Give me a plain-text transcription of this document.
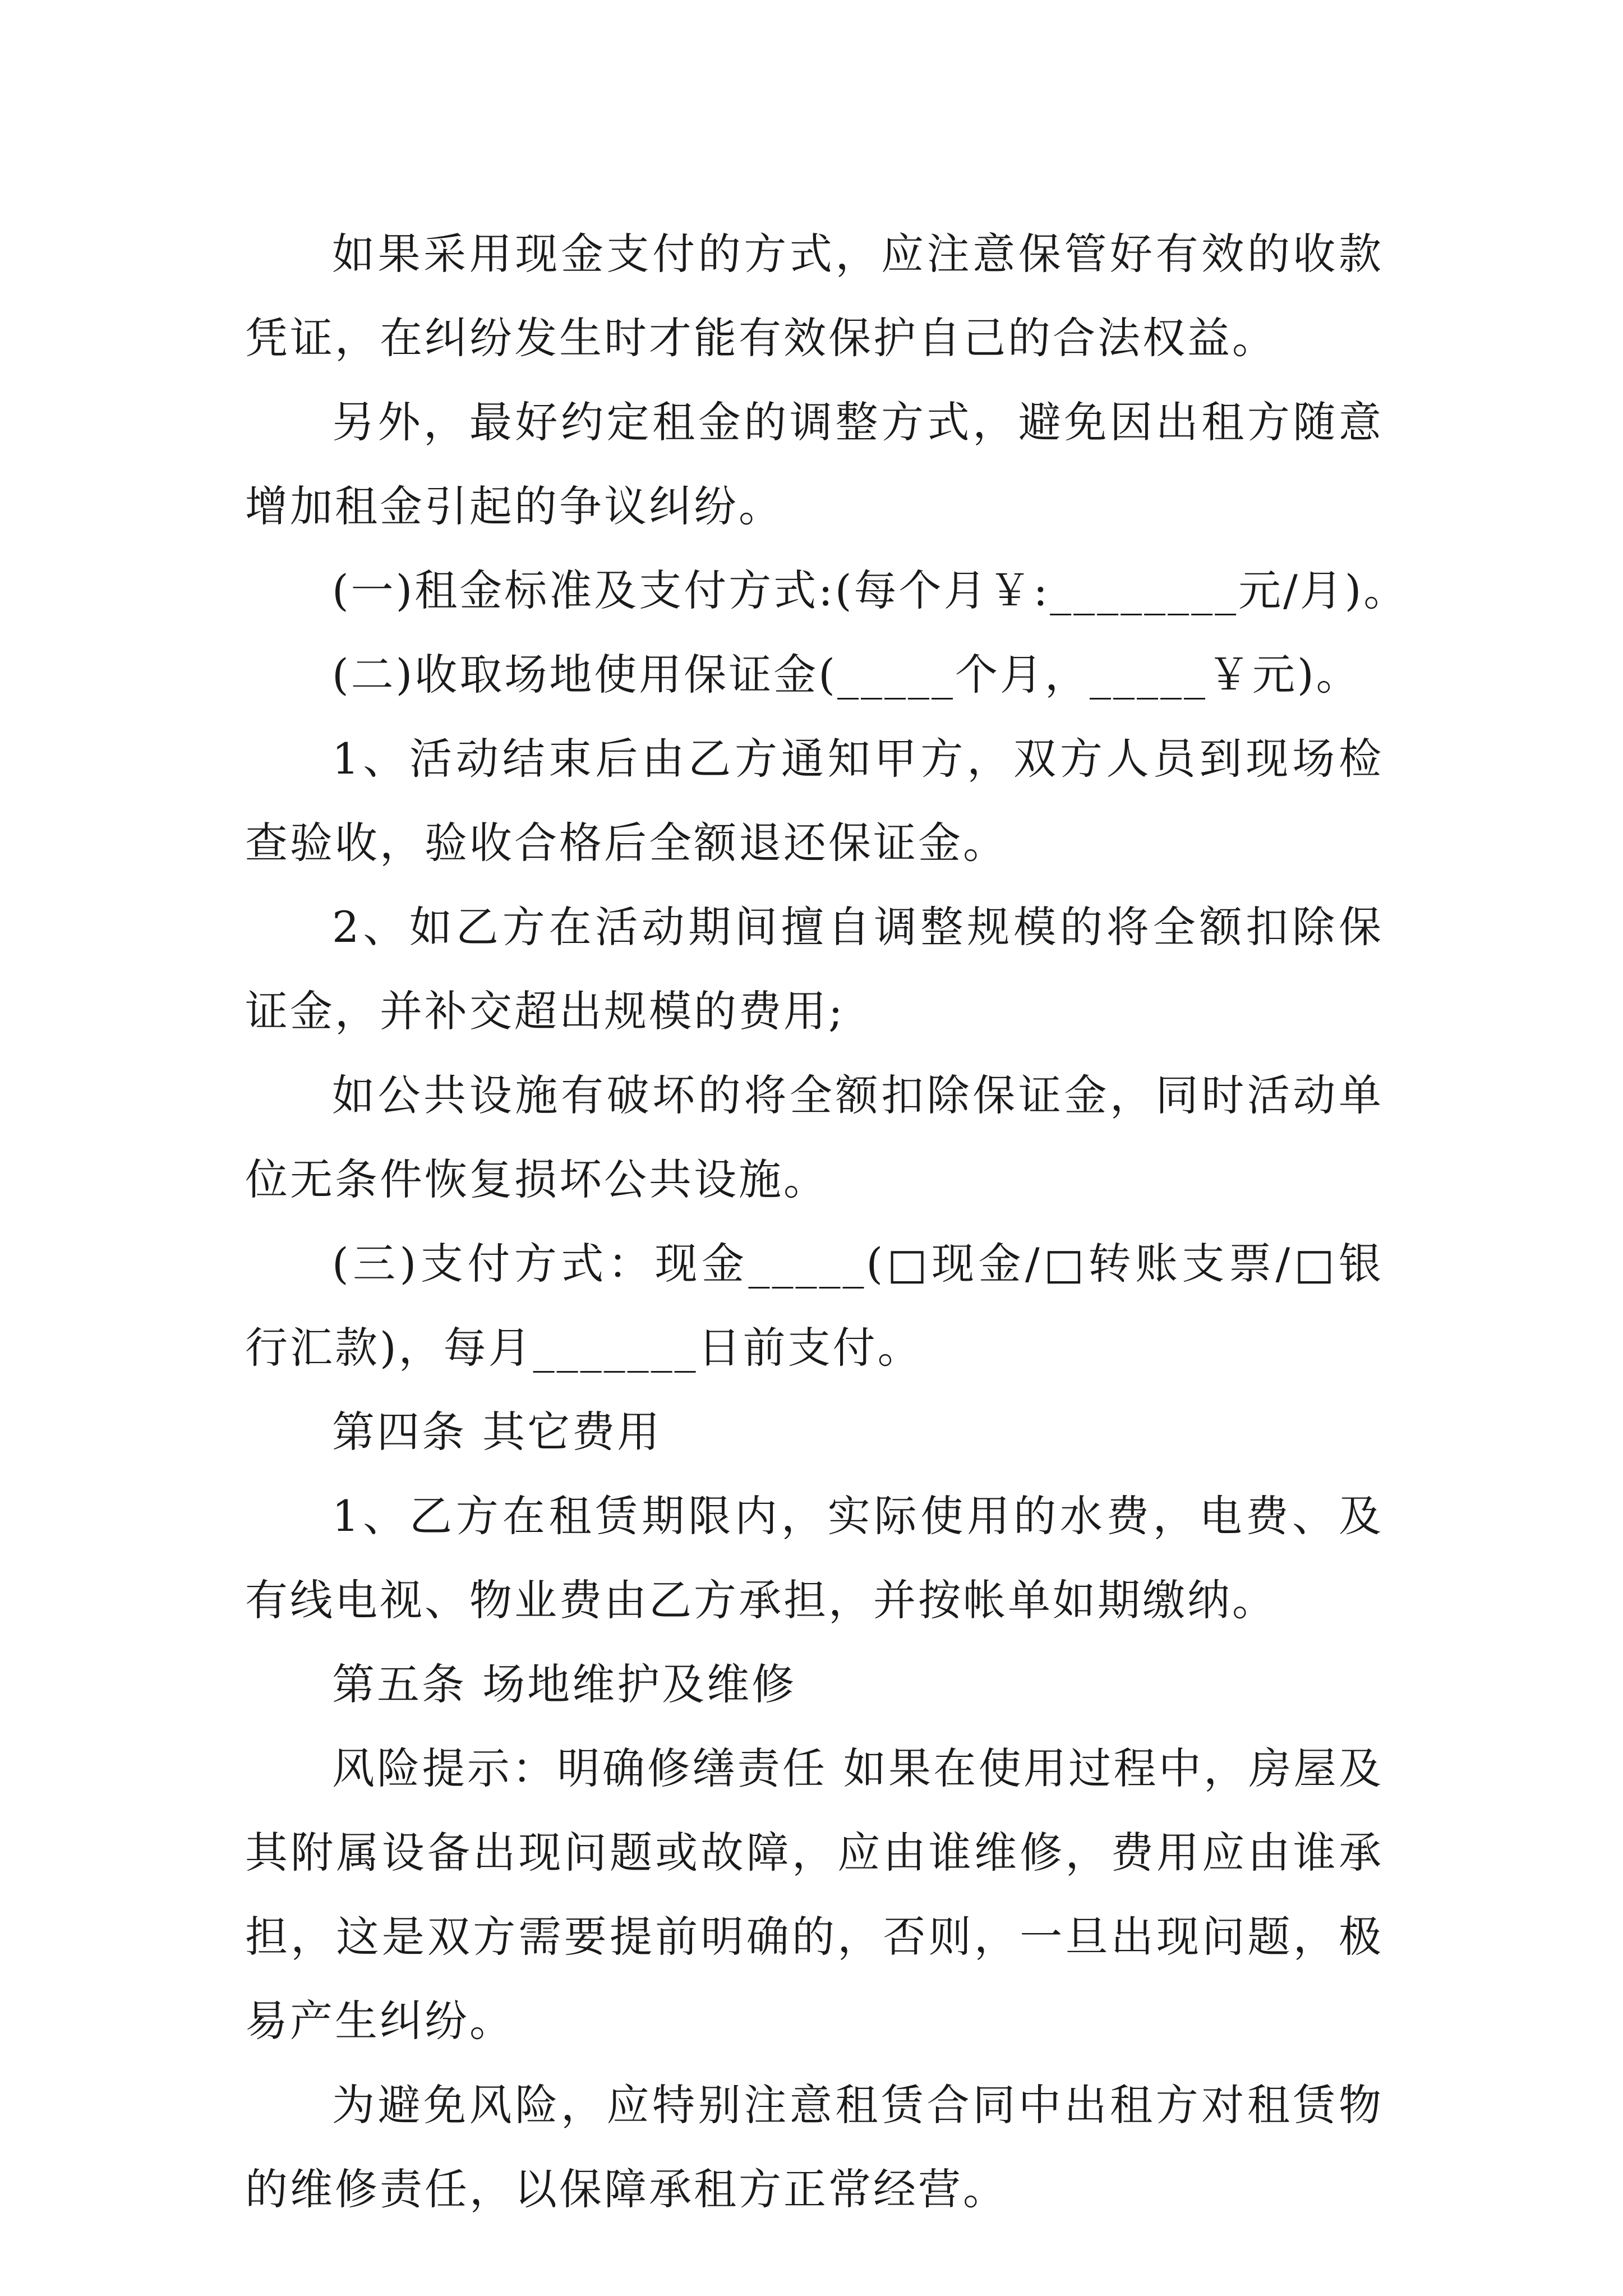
如果采用现金支付的方式，应注意保管好有效的收款凭证，在纠纷发生时才能有效保护自己的合法权益。

另外，最好约定租金的调整方式，避免因出租方随意增加租金引起的争议纠纷。

(一)租金标准及支付方式:(每个月￥:________元/月)。

(二)收取场地使用保证金(_____个月，_____￥元)。

1、活动结束后由乙方通知甲方，双方人员到现场检查验收，验收合格后全额退还保证金。

2、如乙方在活动期间擅自调整规模的将全额扣除保证金，并补交超出规模的费用;

如公共设施有破坏的将全额扣除保证金，同时活动单位无条件恢复损坏公共设施。

(三)支付方式：现金_____(□现金/□转账支票/□银行汇款)，每月_______日前支付。

第四条 其它费用

1、乙方在租赁期限内，实际使用的水费，电费、及有线电视、物业费由乙方承担，并按帐单如期缴纳。

第五条 场地维护及维修

风险提示：明确修缮责任 如果在使用过程中，房屋及其附属设备出现问题或故障，应由谁维修，费用应由谁承担，这是双方需要提前明确的，否则，一旦出现问题，极易产生纠纷。

为避免风险，应特别注意租赁合同中出租方对租赁物的维修责任，以保障承租方正常经营。
